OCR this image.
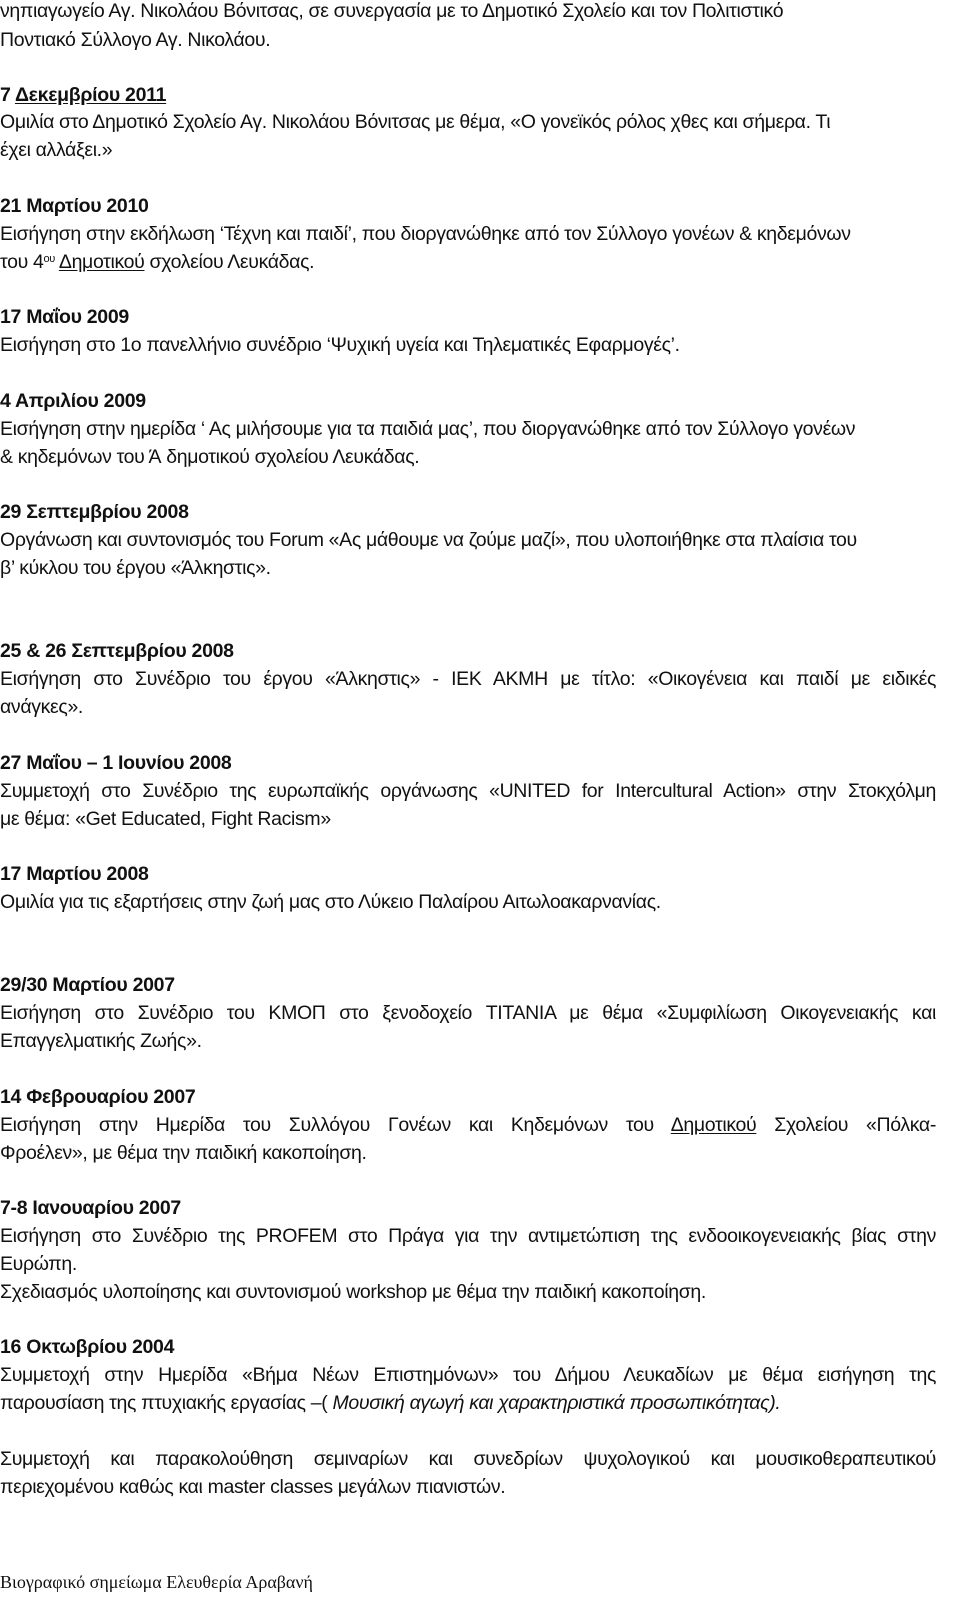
νηπιαγωγείο Αγ. Νικολάου Βόνιτσας, σε συνεργασία με το Δημοτικό Σχολείο και τον Πολιτιστικό
Ποντιακό Σύλλογο Αγ. Νικολάου.
7 Δεκεμβρίου 2011
Ομιλία στο Δημοτικό Σχολείο Αγ. Νικολάου Βόνιτσας με θέμα, «Ο γονεϊκός ρόλος χθες και σήμερα. Τι
έχει αλλάξει.»
21 Μαρτίου 2010
Εισήγηση στην εκδήλωση ‘Τέχνη και παιδί’, που διοργανώθηκε από τον Σύλλογο γονέων & κηδεμόνων
του $4^{o\upsilon}$ Δημοτικού σχολείου Λευκάδας.
17 Μαΐου 2009
Εισήγηση στο 1ο πανελλήνιο συνέδριο ‘Ψυχική υγεία και Τηλεματικές Εφαρμογές’.
4 Απριλίου 2009
Εισήγηση στην ημερίδα ‘ Ας μιλήσουμε για τα παιδιά μας’, που διοργανώθηκε από τον Σύλλογο γονέων
& κηδεμόνων του Ά δημοτικού σχολείου Λευκάδας.
29 Σεπτεμβρίου 2008
Οργάνωση και συντονισμός του Forum «Ας μάθουμε να ζούμε μαζί», που υλοποιήθηκε στα πλαίσια του
β’ κύκλου του έργου «Άλκηστις».
25 & 26 Σεπτεμβρίου 2008
Εισήγηση στο Συνέδριο του έργου «Άλκηστις» - ΙΕΚ ΑΚΜΗ με τίτλο: «Οικογένεια και παιδί με ειδικές
ανάγκες».
27 Μαΐου – 1 Ιουνίου 2008
Συμμετοχή στο Συνέδριο της ευρωπαϊκής οργάνωσης «UNITED for Intercultural Action» στην Στοκχόλμη
με θέμα: «Get Educated, Fight Racism»
17 Μαρτίου 2008
Ομιλία για τις εξαρτήσεις στην ζωή μας στο Λύκειο Παλαίρου Αιτωλοακαρνανίας.
29/30 Μαρτίου 2007
Εισήγηση στο Συνέδριο του ΚΜΟΠ στο ξενοδοχείο TITANIA με θέμα «Συμφιλίωση Οικογενειακής και
Επαγγελματικής Ζωής».
14 Φεβρουαρίου 2007
Εισήγηση στην Ημερίδα του Συλλόγου Γονέων και Κηδεμόνων του Δημοτικού Σχολείου «Πόλκα-
Φροέλεν», με θέμα την παιδική κακοποίηση.
7-8 Ιανουαρίου 2007
Εισήγηση στο Συνέδριο της PROFEM στο Πράγα για την αντιμετώπιση της ενδοοικογενειακής βίας στην
Ευρώπη.
Σχεδιασμός υλοποίησης και συντονισμού workshop με θέμα την παιδική κακοποίηση.
16 Οκτωβρίου 2004
Συμμετοχή στην Ημερίδα «Βήμα Νέων Επιστημόνων» του Δήμου Λευκαδίων με θέμα εισήγηση της
παρουσίαση της πτυχιακής εργασίας –( Μουσική αγωγή και χαρακτηριστικά προσωπικότητας).
Συμμετοχή και παρακολούθηση σεμιναρίων και συνεδρίων ψυχολογικού και μουσικοθεραπευτικού
περιεχομένου καθώς και master classes μεγάλων πιανιστών.
Βιογραφικό σημείωμα Ελευθερία Αραβανή
